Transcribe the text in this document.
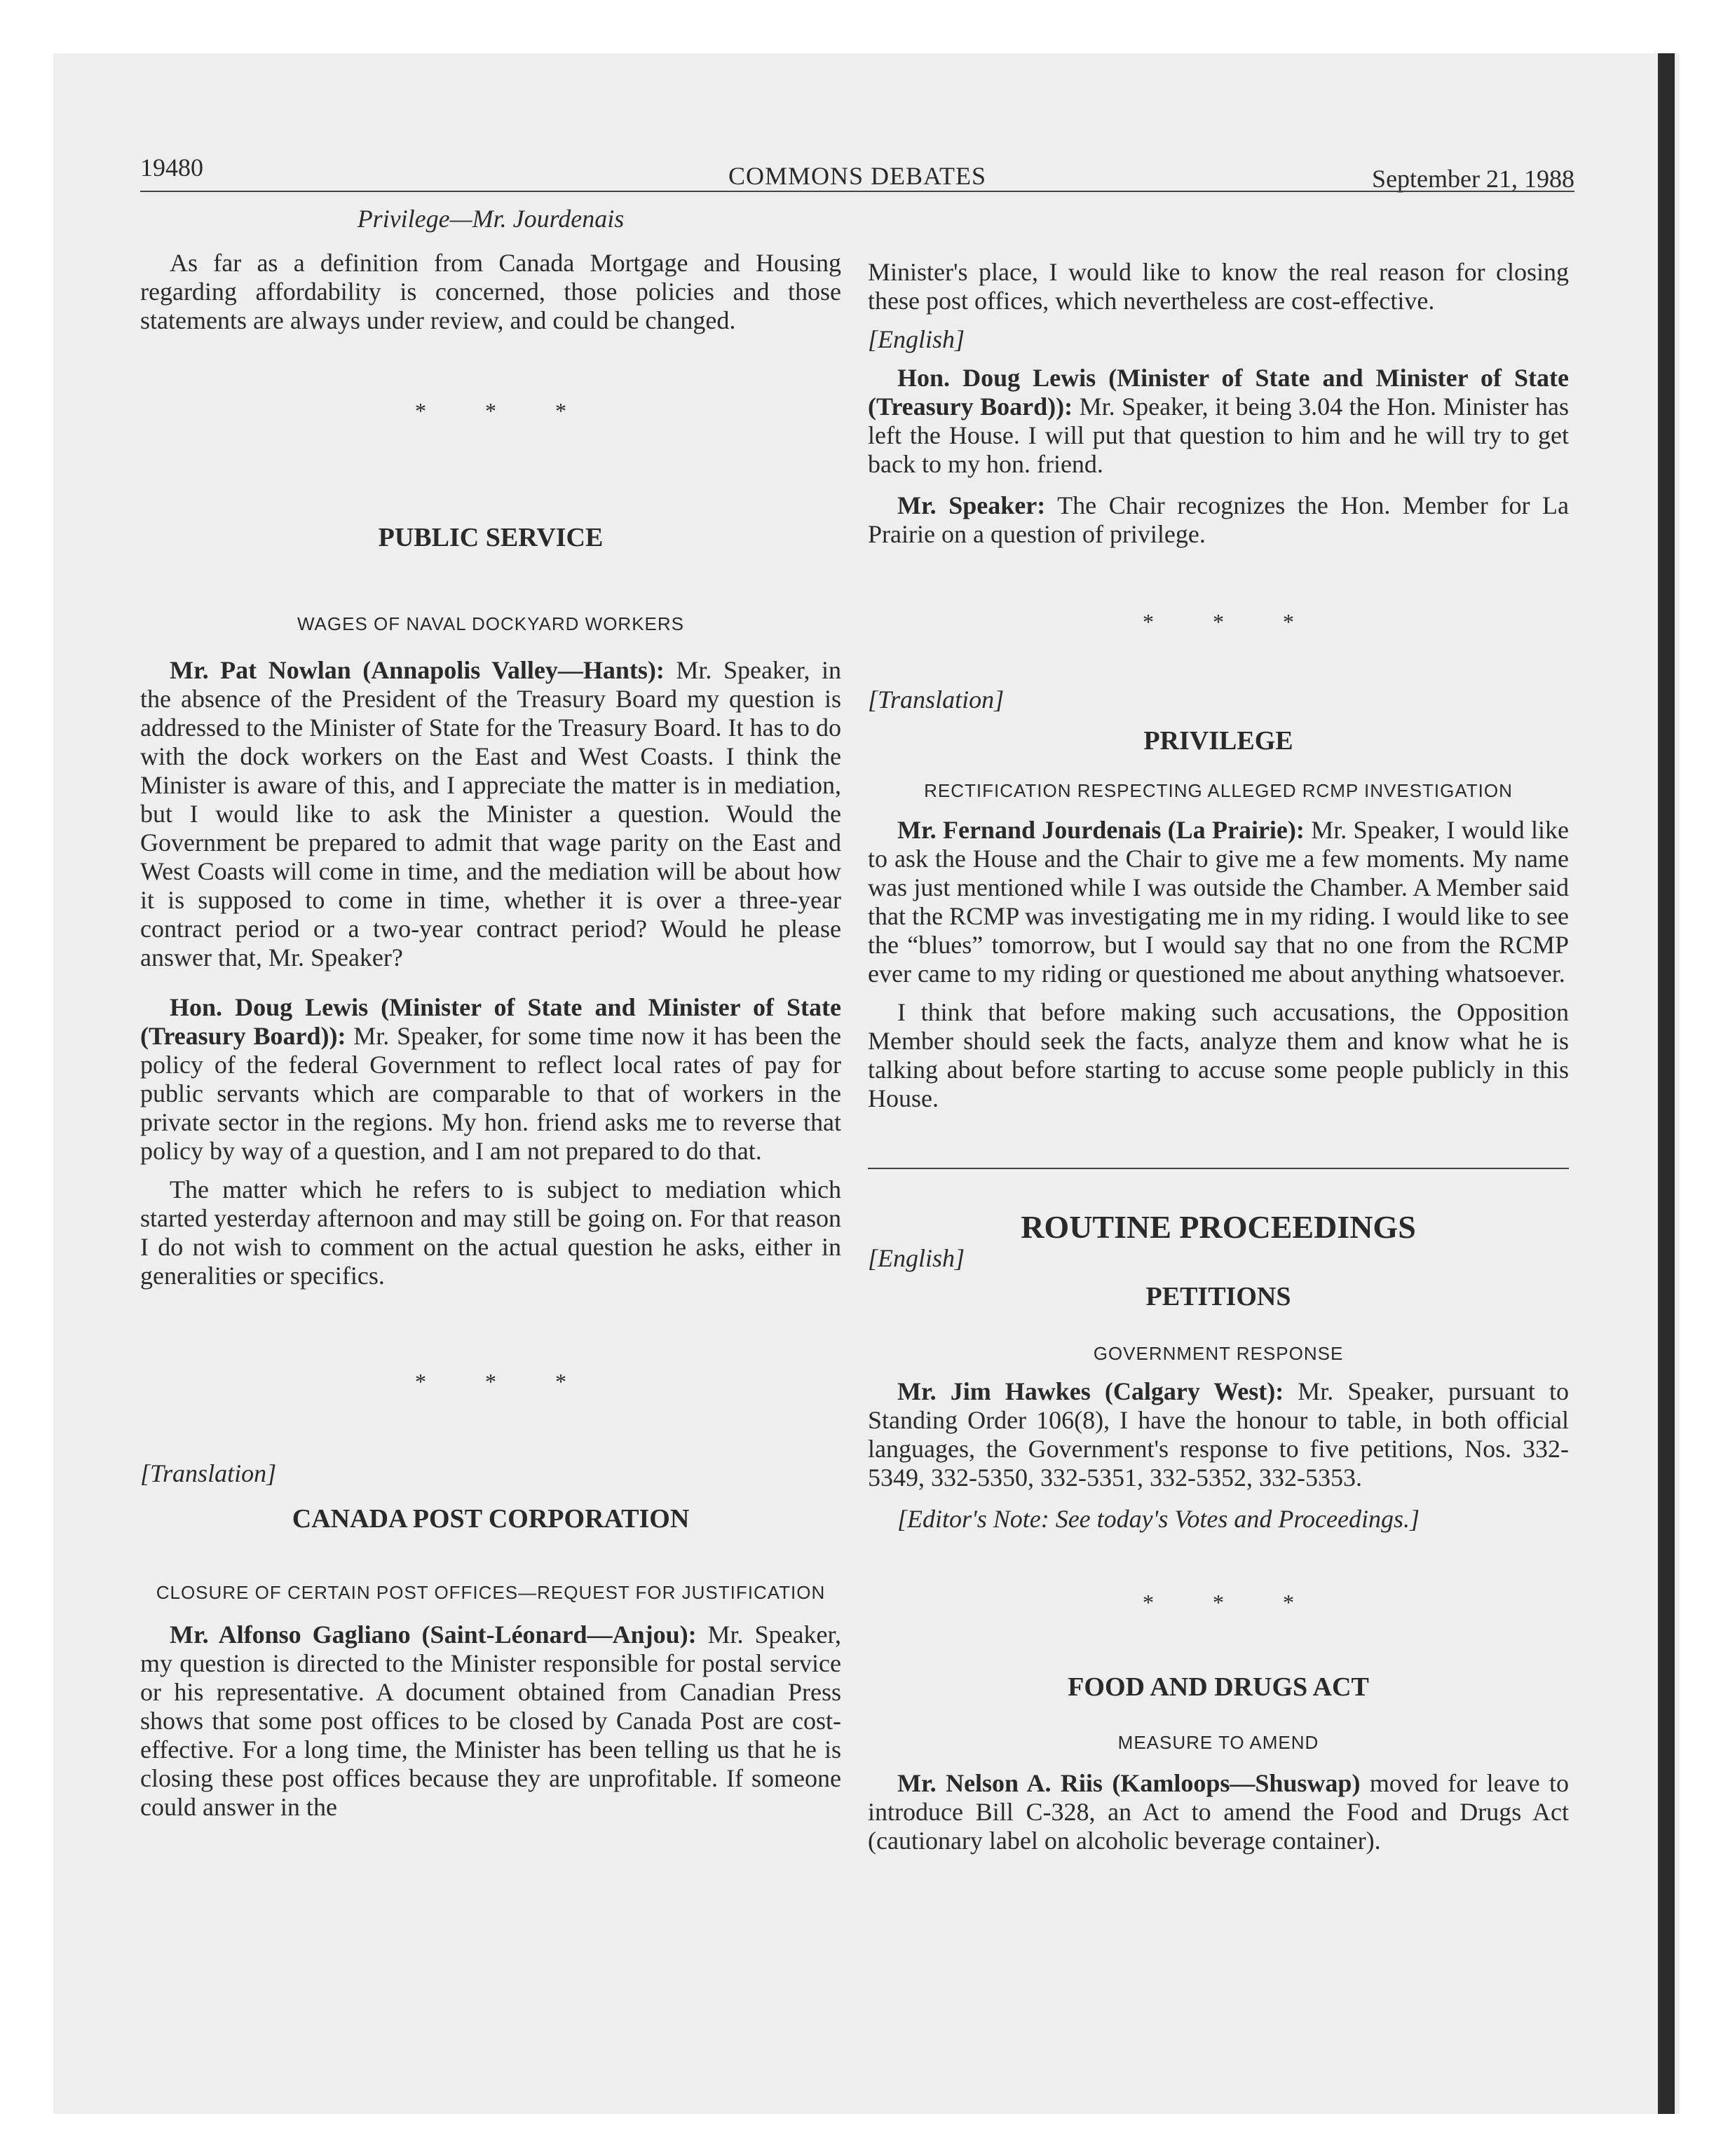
19480	COMMONS DEBATES	September 21, 1988
Privilege—Mr. Jourdenais

As far as a definition from Canada Mortgage and Housing regarding affordability is concerned, those policies and those statements are always under review, and could be changed.

* * *
PUBLIC SERVICE
WAGES OF NAVAL DOCKYARD WORKERS

Mr. Pat Nowlan (Annapolis Valley—Hants): Mr. Speaker, in the absence of the President of the Treasury Board my question is addressed to the Minister of State for the Treasury Board. It has to do with the dock workers on the East and West Coasts. I think the Minister is aware of this, and I appreciate the matter is in mediation, but I would like to ask the Minister a question. Would the Government be prepared to admit that wage parity on the East and West Coasts will come in time, and the mediation will be about how it is supposed to come in time, whether it is over a three-year contract period or a two-year contract period? Would he please answer that, Mr. Speaker?

Hon. Doug Lewis (Minister of State and Minister of State (Treasury Board)): Mr. Speaker, for some time now it has been the policy of the federal Government to reflect local rates of pay for public servants which are comparable to that of workers in the private sector in the regions. My hon. friend asks me to reverse that policy by way of a question, and I am not prepared to do that.

The matter which he refers to is subject to mediation which started yesterday afternoon and may still be going on. For that reason I do not wish to comment on the actual question he asks, either in generalities or specifics.

* * *

[Translation]

CANADA POST CORPORATION
CLOSURE OF CERTAIN POST OFFICES—REQUEST FOR JUSTIFICATION

Mr. Alfonso Gagliano (Saint-Léonard—Anjou): Mr. Speaker, my question is directed to the Minister responsible for postal service or his representative. A document obtained from Canadian Press shows that some post offices to be closed by Canada Post are cost-effective. For a long time, the Minister has been telling us that he is closing these post offices because they are unprofitable. If someone could answer in the

Minister's place, I would like to know the real reason for closing these post offices, which nevertheless are cost-effective.

[English]

Hon. Doug Lewis (Minister of State and Minister of State (Treasury Board)): Mr. Speaker, it being 3.04 the Hon. Minister has left the House. I will put that question to him and he will try to get back to my hon. friend.

Mr. Speaker: The Chair recognizes the Hon. Member for La Prairie on a question of privilege.

* * *

[Translation]

PRIVILEGE
RECTIFICATION RESPECTING ALLEGED RCMP INVESTIGATION

Mr. Fernand Jourdenais (La Prairie): Mr. Speaker, I would like to ask the House and the Chair to give me a few moments. My name was just mentioned while I was outside the Chamber. A Member said that the RCMP was investigating me in my riding. I would like to see the “blues” tomorrow, but I would say that no one from the RCMP ever came to my riding or questioned me about anything whatsoever.

I think that before making such accusations, the Opposition Member should seek the facts, analyze them and know what he is talking about before starting to accuse some people publicly in this House.

ROUTINE PROCEEDINGS

[English]

PETITIONS
GOVERNMENT RESPONSE

Mr. Jim Hawkes (Calgary West): Mr. Speaker, pursuant to Standing Order 106(8), I have the honour to table, in both official languages, the Government's response to five petitions, Nos. 332-5349, 332-5350, 332-5351, 332-5352, 332-5353.

[Editor's Note: See today's Votes and Proceedings.]

* * *
FOOD AND DRUGS ACT
MEASURE TO AMEND

Mr. Nelson A. Riis (Kamloops—Shuswap) moved for leave to introduce Bill C-328, an Act to amend the Food and Drugs Act (cautionary label on alcoholic beverage container).
